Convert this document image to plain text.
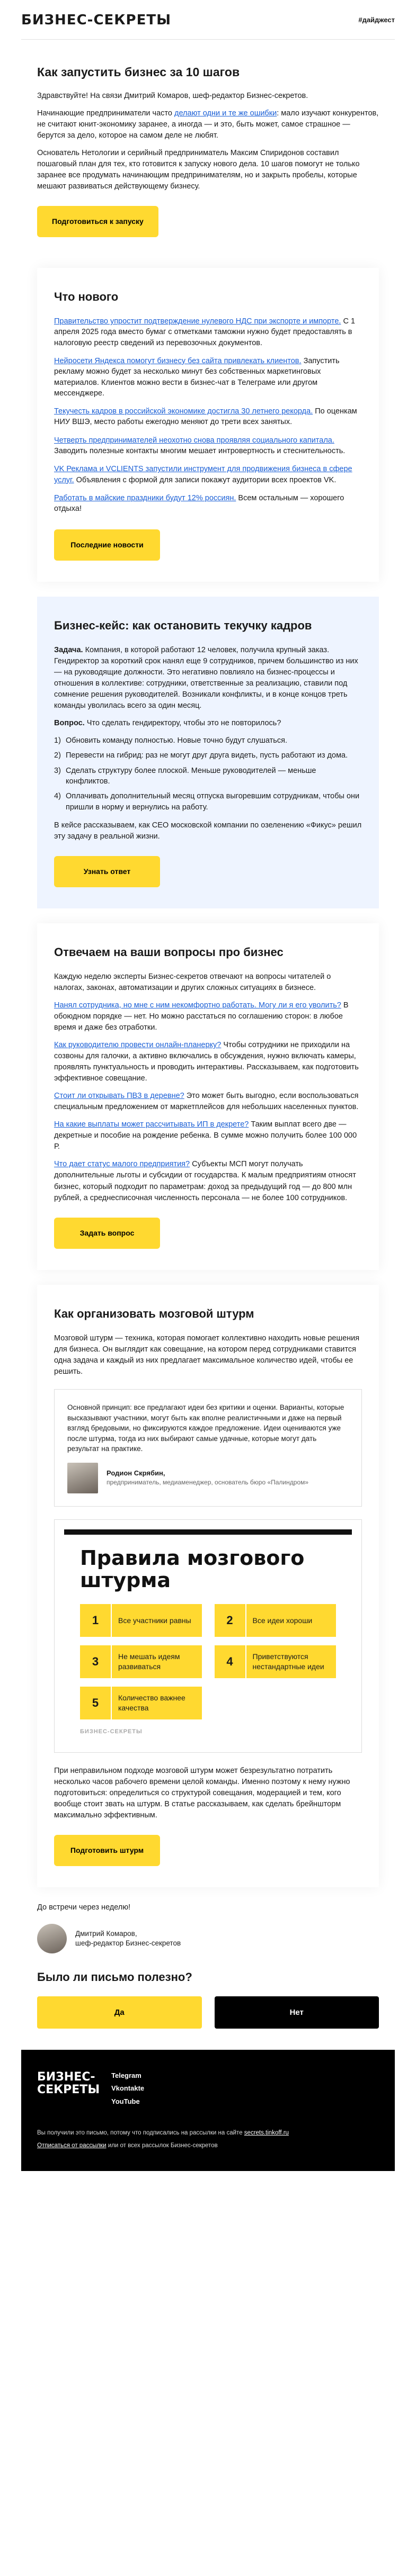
БИЗНЕС-СЕКРЕТЫ	#дайджест
Как запустить бизнес за 10 шагов

Здравствуйте! На связи Дмитрий Комаров, шеф-редактор Бизнес-секретов.

Начинающие предприниматели часто делают одни и те же ошибки: мало изучают конкурентов, не считают юнит-экономику заранее, а иногда — и это, быть может, самое страшное — берутся за дело, которое на самом деле не любят.

Основатель Нетологии и серийный предприниматель Максим Спиридонов составил пошаговый план для тех, кто готовится к запуску нового дела. 10 шагов помогут не только заранее все продумать начинающим предпринимателям, но и закрыть пробелы, которые мешают развиваться действующему бизнесу.

Подготовиться к запуску
Что нового
Правительство упростит подтверждение нулевого НДС при экспорте и импорте. С 1 апреля 2025 года вместо бумаг с отметками таможни нужно будет предоставлять в налоговую реестр сведений из перевозочных документов.
Нейросети Яндекса помогут бизнесу без сайта привлекать клиентов. Запустить рекламу можно будет за несколько минут без собственных маркетинговых материалов. Клиентов можно вести в бизнес-чат в Телеграме или другом мессенджере.
Текучесть кадров в российской экономике достигла 30 летнего рекорда. По оценкам НИУ ВШЭ, место работы ежегодно меняют до трети всех занятых.
Четверть предпринимателей неохотно снова проявляя социального капитала. Заводить полезные контакты многим мешает интровертность и стеснительность.
VK Реклама и VCLIENTS запустили инструмент для продвижения бизнеса в сфере услуг. Объявления с формой для записи покажут аудитории всех проектов VK.
Работать в майские праздники будут 12% россиян. Всем остальным — хорошего отдыха!
Последние новости
Бизнес-кейс: как остановить текучку кадров

Задача. Компания, в которой работают 12 человек, получила крупный заказ. Гендиректор за короткий срок нанял еще 9 сотрудников, причем большинство из них — на руководящие должности. Это негативно повлияло на бизнес-процессы и отношения в коллективе: сотрудники, ответственные за реализацию, ставили под сомнение решения руководителей. Возникали конфликты, и в конце концов треть команды уволилась всего за один месяц.

Вопрос. Что сделать гендиректору, чтобы это не повторилось?

1) Обновить команду полностью. Новые точно будут слушаться.
2) Перевести на гибрид: раз не могут друг друга видеть, пусть работают из дома.
3) Сделать структуру более плоской. Меньше руководителей — меньше конфликтов.
4) Оплачивать дополнительный месяц отпуска выгоревшим сотрудникам, чтобы они пришли в норму и вернулись на работу.

В кейсе рассказываем, как CEO московской компании по озеленению «Фикус» решил эту задачу в реальной жизни.

Узнать ответ
Отвечаем на ваши вопросы про бизнес

Каждую неделю эксперты Бизнес-секретов отвечают на вопросы читателей о налогах, законах, автоматизации и других сложных ситуациях в бизнесе.

Нанял сотрудника, но мне с ним некомфортно работать. Могу ли я его уволить? В обоюдном порядке — нет. Но можно расстаться по соглашению сторон: в любое время и даже без отработки.

Как руководителю провести онлайн-планерку? Чтобы сотрудники не приходили на созвоны для галочки, а активно включались в обсуждения, нужно включать камеры, проявлять пунктуальность и проводить интерактивы. Рассказываем, как подготовить эффективное совещание.

Стоит ли открывать ПВЗ в деревне? Это может быть выгодно, если воспользоваться специальным предложением от маркетплейсов для небольших населенных пунктов.

На какие выплаты может рассчитывать ИП в декрете? Таким выплат всего две — декретные и пособие на рождение ребенка. В сумме можно получить более 100 000 Р.

Что дает статус малого предприятия? Субъекты МСП могут получать дополнительные льготы и субсидии от государства. К малым предприятиям относят бизнес, который подходит по параметрам: доход за предыдущий год — до 800 млн рублей, а среднесписочная численность персонала — не более 100 сотрудников.

Задать вопрос
Как организовать мозговой штурм

Мозговой штурм — техника, которая помогает коллективно находить новые решения для бизнеса. Он выглядит как совещание, на котором перед сотрудниками ставится одна задача и каждый из них предлагает максимальное количество идей, чтобы ее решить.

Основной принцип: все предлагают идеи без критики и оценки. Варианты, которые высказывают участники, могут быть как вполне реалистичными и даже на первый взгляд бредовыми, но фиксируются каждое предложение. Идеи оцениваются уже после штурма, тогда из них выбирают самые удачные, которые могут дать результат на практике.

Родион Скрябин,
предприниматель, медиаменеджер, основатель бюро «Палиндром»
Правила мозгового штурма
1	Все участники равны	2	Все идеи хороши
3	Не мешать идеям развиваться	4	Приветствуются нестандартные идеи
5	Количество важнее качества
БИЗНЕС-СЕКРЕТЫ

При неправильном подходе мозговой штурм может безрезультатно потратить несколько часов рабочего времени целой команды. Именно поэтому к нему нужно подготовиться: определиться со структурой совещания, модерацией и тем, кого вообще стоит звать на штурм. В статье рассказываем, как сделать брейншторм максимально эффективным.

Подготовить штурм

До встречи через неделю!

Дмитрий Комаров,
шеф-редактор Бизнес-секретов
Было ли письмо полезно?
Да	Нет
БИЗНЕС-СЕКРЕТЫ
Telegram
Vkontakte
YouTube
Вы получили это письмо, потому что подписались на рассылки на сайте secrets.tinkoff.ru
Отписаться от рассылки или от всех рассылок Бизнес-секретов
